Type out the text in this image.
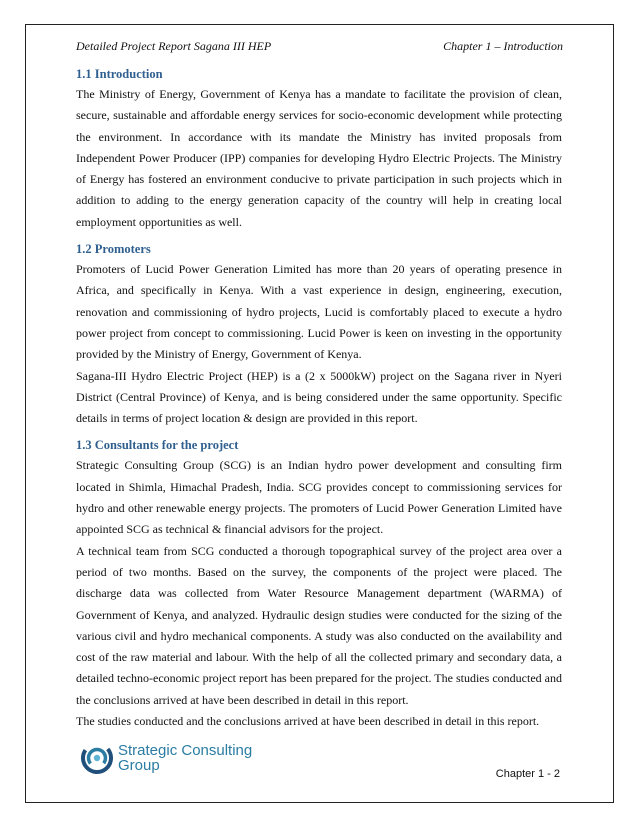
Detailed Project Report Sagana III HEP	Chapter 1 – Introduction
1.1 Introduction

The Ministry of Energy, Government of Kenya has a mandate to facilitate the provision of clean, secure, sustainable and affordable energy services for socio-economic development while protecting the environment. In accordance with its mandate the Ministry has invited proposals from Independent Power Producer (IPP) companies for developing Hydro Electric Projects. The Ministry of Energy has fostered an environment conducive to private participation in such projects which in addition to adding to the energy generation capacity of the country will help in creating local employment opportunities as well.

1.2 Promoters

Promoters of Lucid Power Generation Limited has more than 20 years of operating presence in Africa, and specifically in Kenya. With a vast experience in design, engineering, execution, renovation and commissioning of hydro projects, Lucid is comfortably placed to execute a hydro power project from concept to commissioning. Lucid Power is keen on investing in the opportunity provided by the Ministry of Energy, Government of Kenya.

Sagana-III Hydro Electric Project (HEP) is a (2 x 5000kW) project on the Sagana river in Nyeri District (Central Province) of Kenya, and is being considered under the same opportunity. Specific details in terms of project location & design are provided in this report.

1.3 Consultants for the project

Strategic Consulting Group (SCG) is an Indian hydro power development and consulting firm located in Shimla, Himachal Pradesh, India. SCG provides concept to commissioning services for hydro and other renewable energy projects. The promoters of Lucid Power Generation Limited have appointed SCG as technical & financial advisors for the project.

A technical team from SCG conducted a thorough topographical survey of the project area over a period of two months. Based on the survey, the components of the project were placed. The discharge data was collected from Water Resource Management department (WARMA) of Government of Kenya, and analyzed. Hydraulic design studies were conducted for the sizing of the various civil and hydro mechanical components. A study was also conducted on the availability and cost of the raw material and labour. With the help of all the collected primary and secondary data, a detailed techno-economic project report has been prepared for the project. The studies conducted and the conclusions arrived at have been described in detail in this report.

The studies conducted and the conclusions arrived at have been described in detail in this report.

Strategic Consulting
Group	Chapter 1 - 2
